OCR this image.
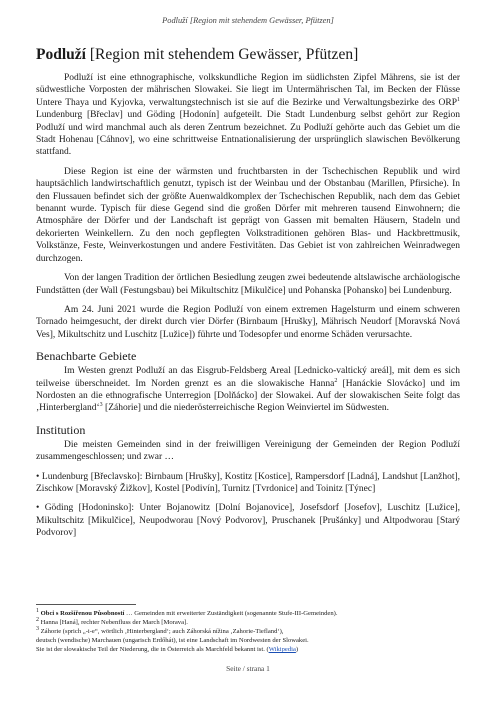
Podluží [Region mit stehendem Gewässer, Pfützen]
Podluží [Region mit stehendem Gewässer, Pfützen]

Podluží ist eine ethnographische, volkskundliche Region im südlichsten Zipfel Mährens, sie ist der südwestliche Vorposten der mährischen Slowakei. Sie liegt im Untermährischen Tal, im Becken der Flüsse Untere Thaya und Kyjovka, verwaltungstechnisch ist sie auf die Bezirke und Verwaltungsbezirke des ORP$^1$ Lundenburg [Břeclav] und Göding [Hodonín] aufgeteilt. Die Stadt Lundenburg selbst gehört zur Region Podluží und wird manchmal auch als deren Zentrum bezeichnet. Zu Podluží gehörte auch das Gebiet um die Stadt Hohenau [Cáhnov], wo eine schrittweise Entnationalisierung der ursprünglich slawischen Bevölkerung stattfand.

Diese Region ist eine der wärmsten und fruchtbarsten in der Tschechischen Republik und wird hauptsächlich landwirtschaftlich genutzt, typisch ist der Weinbau und der Obstanbau (Marillen, Pfirsiche). In den Flussauen befindet sich der größte Auenwaldkomplex der Tschechischen Republik, nach dem das Gebiet benannt wurde. Typisch für diese Gegend sind die großen Dörfer mit mehreren tausend Einwohnern; die Atmosphäre der Dörfer und der Landschaft ist geprägt von Gassen mit bemalten Häusern, Stadeln und dekorierten Weinkellern. Zu den noch gepflegten Volkstraditionen gehören Blas- und Hackbrettmusik, Volkstänze, Feste, Weinverkostungen und andere Festivitäten. Das Gebiet ist von zahlreichen Weinradwegen durchzogen.

Von der langen Tradition der örtlichen Besiedlung zeugen zwei bedeutende altslawische archäologische Fundstätten (der Wall (Festungsbau) bei Mikultschitz [Mikulčice] und Pohanska [Pohansko] bei Lundenburg.

Am 24. Juni 2021 wurde die Region Podluží von einem extremen Hagelsturm und einem schweren Tornado heimgesucht, der direkt durch vier Dörfer (Birnbaum [Hrušky], Mährisch Neudorf [Moravská Nová Ves], Mikultschitz und Luschitz [Lužice]) führte und Todesopfer und enorme Schäden verursachte.

Benachbarte Gebiete

Im Westen grenzt Podluží an das Eisgrub-Feldsberg Areal [Lednicko-valtický areál], mit dem es sich teilweise überschneidet. Im Norden grenzt es an die slowakische Hanna$^2$ [Hanáckie Slovácko] und im Nordosten an die ethnografische Unterregion [Dolňácko] der Slowakei. Auf der slowakischen Seite folgt das ‚Hinterbergland‘$^3$ [Záhorie] und die niederösterreichische Region Weinviertel im Südwesten.

Institution

Die meisten Gemeinden sind in der freiwilligen Vereinigung der Gemeinden der Region Podluží zusammengeschlossen; und zwar …

• Lundenburg [Břeclavsko]: Birnbaum [Hrušky], Kostitz [Kostice], Rampersdorf [Ladná], Landshut [Lanžhot], Zischkow [Moravský Žižkov], Kostel [Podivín], Turnitz [Tvrdonice] and Toinitz [Týnec]

• Göding [Hodoninsko]: Unter Bojanowitz [Dolní Bojanovice], Josefsdorf [Josefov], Luschitz [Lužice], Mikultschitz [Mikulčice], Neupodworau [Nový Podvorov], Pruschanek [Prušánky] und Altpodworau [Starý Podvorov]

$^1$ Obci s Rozšířenou Působností … Gemeinden mit erweiterter Zuständigkeit (sogenannte Stufe-III-Gemeinden).
$^2$ Hanna [Haná], rechter Nebenfluss der March [Morava].
$^3$ Záhorie (sprich „-i-e“, wörtlich ‚Hinterbergland‘; auch Záhorská nížina ‚Zahorie-Tiefland‘),
deutsch (wendische) Marchauen (ungarisch Erdőhát), ist eine Landschaft im Nordwesten der Slowakei.
Sie ist der slowakische Teil der Niederung, die in Österreich als Marchfeld bekannt ist. (Wikipedia)
Seite / strana 1
